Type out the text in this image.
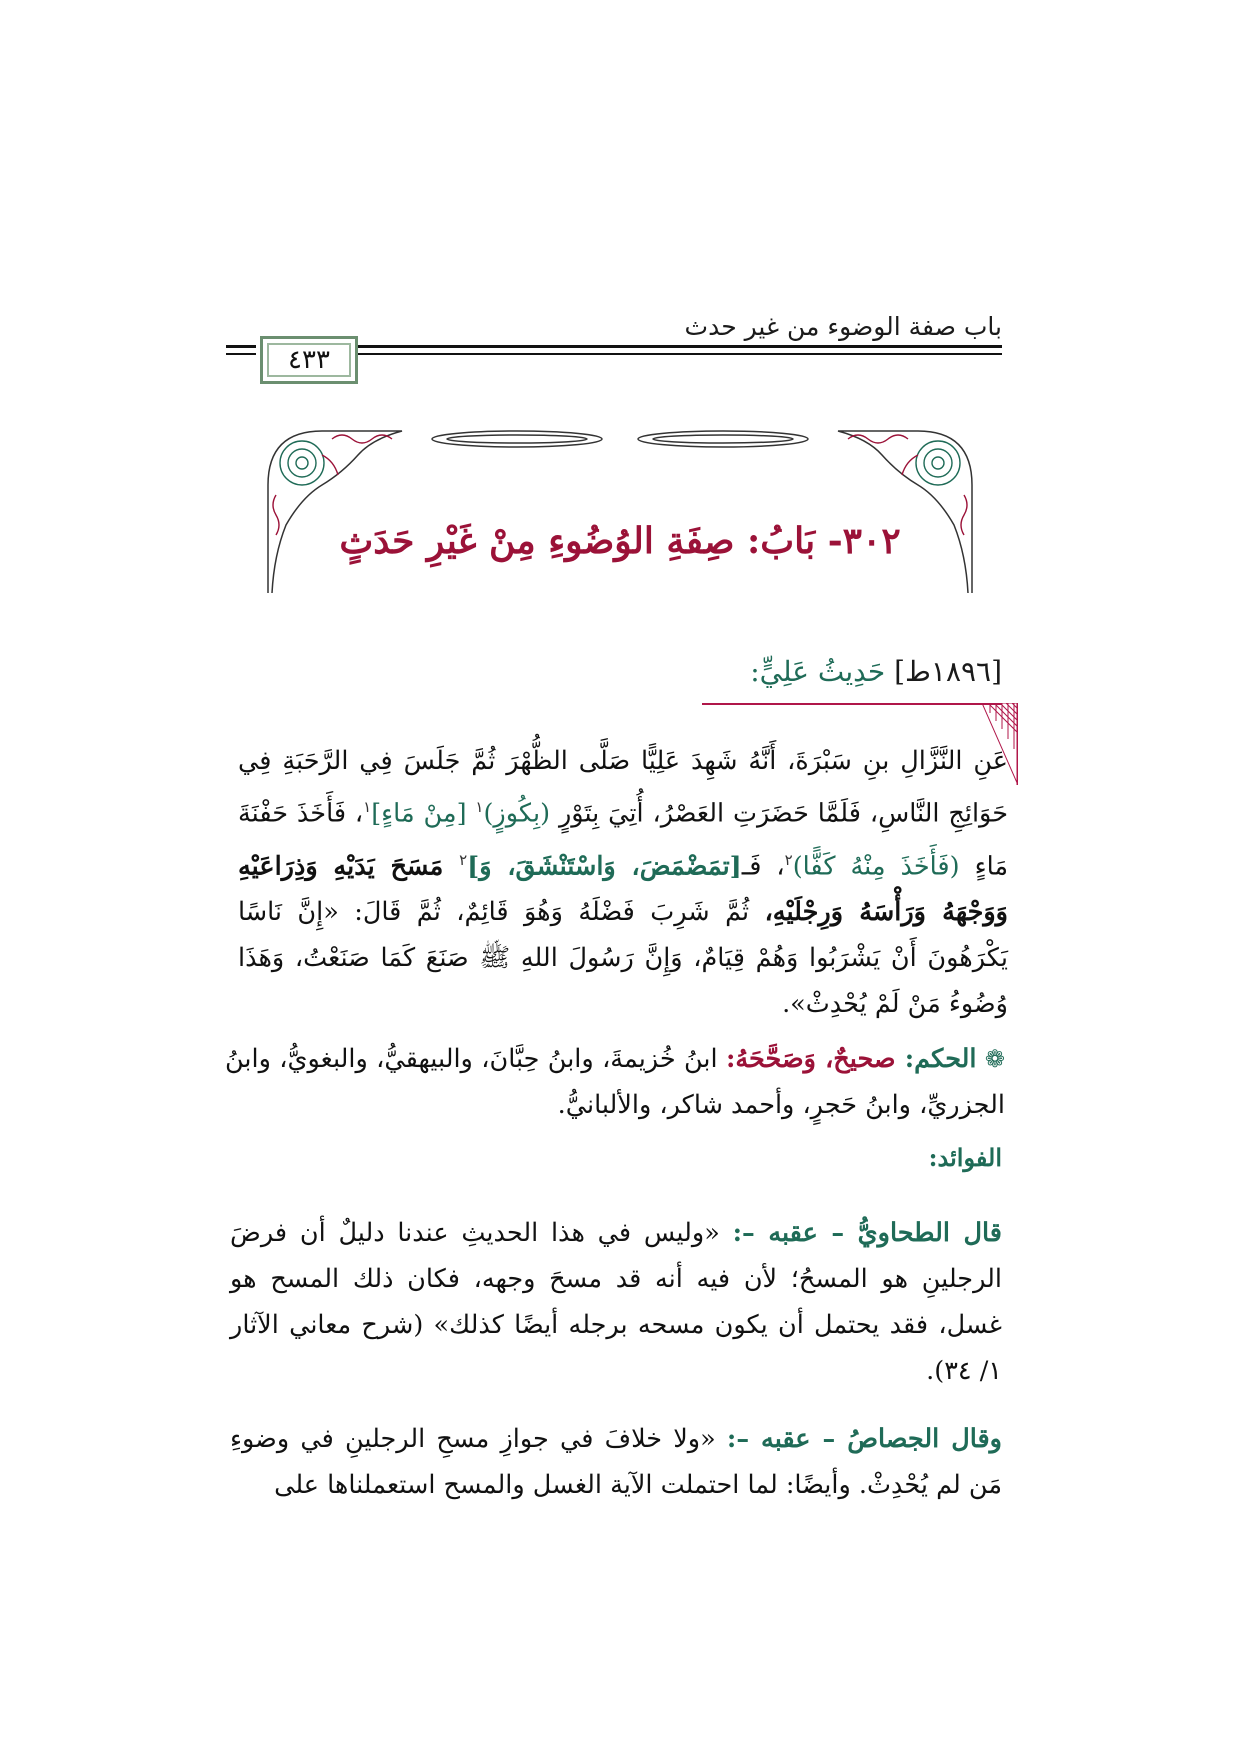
باب صفة الوضوء من غير حدث
٤٣٣
٣٠٢- بَابُ: صِفَةِ الوُضُوءِ مِنْ غَيْرِ حَدَثٍ
[١٨٩٦ط] حَدِيثُ عَلِيٍّ:
عَنِ النَّزَّالِ بنِ سَبْرَةَ، أَنَّهُ شَهِدَ عَلِيًّا صَلَّى الظُّهْرَ ثُمَّ جَلَسَ فِي الرَّحَبَةِ فِي حَوَائِجِ النَّاسِ، فَلَمَّا حَضَرَتِ العَصْرُ، أُتِيَ بِتَوْرٍ (بِكُوزٍ)$^١$ [مِنْ مَاءٍ]$^١$، فَأَخَذَ حَفْنَةَ مَاءٍ (فَأَخَذَ مِنْهُ كَفًّا)$^٢$، فَـ[تمَضْمَضَ، وَاسْتَنْشَقَ، وَ]$^٢$ مَسَحَ يَدَيْهِ وَذِرَاعَيْهِ وَوَجْهَهُ وَرَأْسَهُ وَرِجْلَيْهِ، ثُمَّ شَرِبَ فَضْلَهُ وَهُوَ قَائِمٌ، ثُمَّ قَالَ: «إِنَّ نَاسًا يَكْرَهُونَ أَنْ يَشْرَبُوا وَهُمْ قِيَامٌ، وَإِنَّ رَسُولَ اللهِ ﷺ صَنَعَ كَمَا صَنَعْتُ، وَهَذَا وُضُوءُ مَنْ لَمْ يُحْدِثْ».
❁ الحكم: صحيحٌ، وَصَحَّحَهُ: ابنُ خُزيمةَ، وابنُ حِبَّانَ، والبيهقيُّ، والبغويُّ، وابنُ الجزريِّ، وابنُ حَجرٍ، وأحمد شاكر، والألبانيُّ.
الفوائد:
قال الطحاويُّ – عقبه –: «وليس في هذا الحديثِ عندنا دليلٌ أن فرضَ الرجلينِ هو المسحُ؛ لأن فيه أنه قد مسحَ وجهه، فكان ذلك المسح هو غسل، فقد يحتمل أن يكون مسحه برجله أيضًا كذلك» (شرح معاني الآثار ١/ ٣٤).
وقال الجصاصُ – عقبه –: «ولا خلافَ في جوازِ مسحِ الرجلينِ في وضوءِ مَن لم يُحْدِثْ. وأيضًا: لما احتملت الآية الغسل والمسح استعملناها على
